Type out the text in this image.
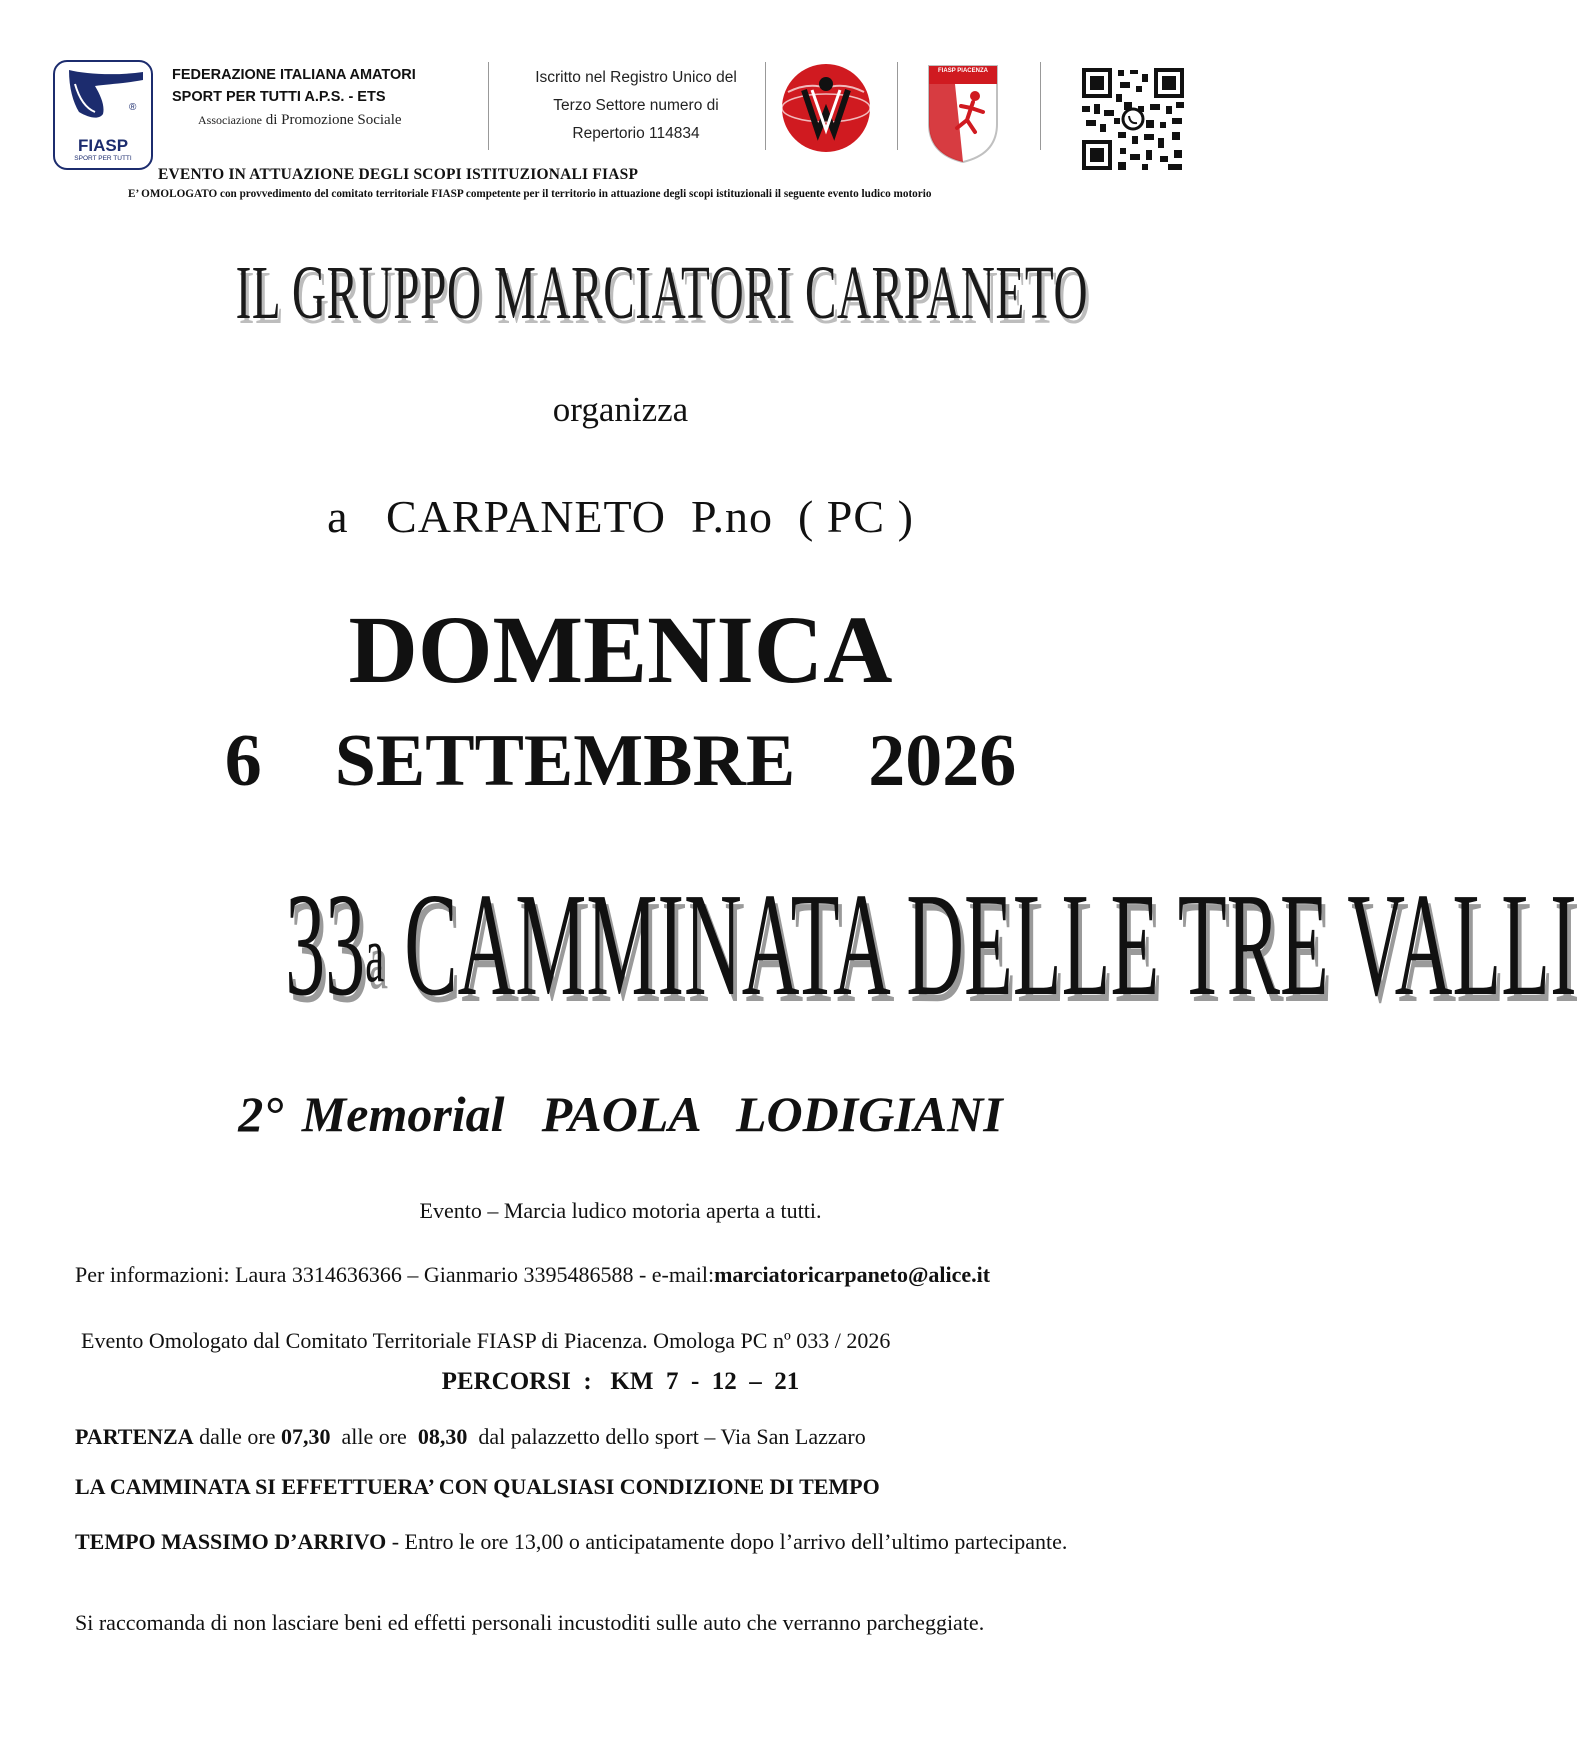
®
FIASP
SPORT PER TUTTI
FEDERAZIONE ITALIANA AMATORI
SPORT PER TUTTI A.P.S. - ETS
Associazione di Promozione Sociale
Iscritto nel Registro Unico del
Terzo Settore numero di
Repertorio 114834
FIASP PIACENZA
EVENTO IN ATTUAZIONE DEGLI SCOPI ISTITUZIONALI FIASP
E’ OMOLOGATO con provvedimento del comitato territoriale FIASP competente per il territorio in attuazione degli scopi istituzionali il seguente evento ludico motorio
IL GRUPPO MARCIATORI CARPANETO
organizza
a   CARPANETO  P.no  ( PC )
DOMENICA
6  SETTEMBRE  2026
33$^a$ CAMMINATA DELLE TRE VALLI
2° Memorial  PAOLA  LODIGIANI
Evento – Marcia ludico motoria aperta a tutti.
Per informazioni: Laura 3314636366 – Gianmario 3395486588 - e-mail:marciatoricarpaneto@alice.it
Evento Omologato dal Comitato Territoriale FIASP di Piacenza. Omologa PC nº 033 / 2026
PERCORSI  :   KM  7  -  12  –  21
PARTENZA dalle ore 07,30  alle ore  08,30  dal palazzetto dello sport – Via San Lazzaro
LA CAMMINATA SI EFFETTUERA’ CON QUALSIASI CONDIZIONE DI TEMPO
TEMPO MASSIMO D’ARRIVO - Entro le ore 13,00 o anticipatamente dopo l’arrivo dell’ultimo partecipante.
Si raccomanda di non lasciare beni ed effetti personali incustoditi sulle auto che verranno parcheggiate.
